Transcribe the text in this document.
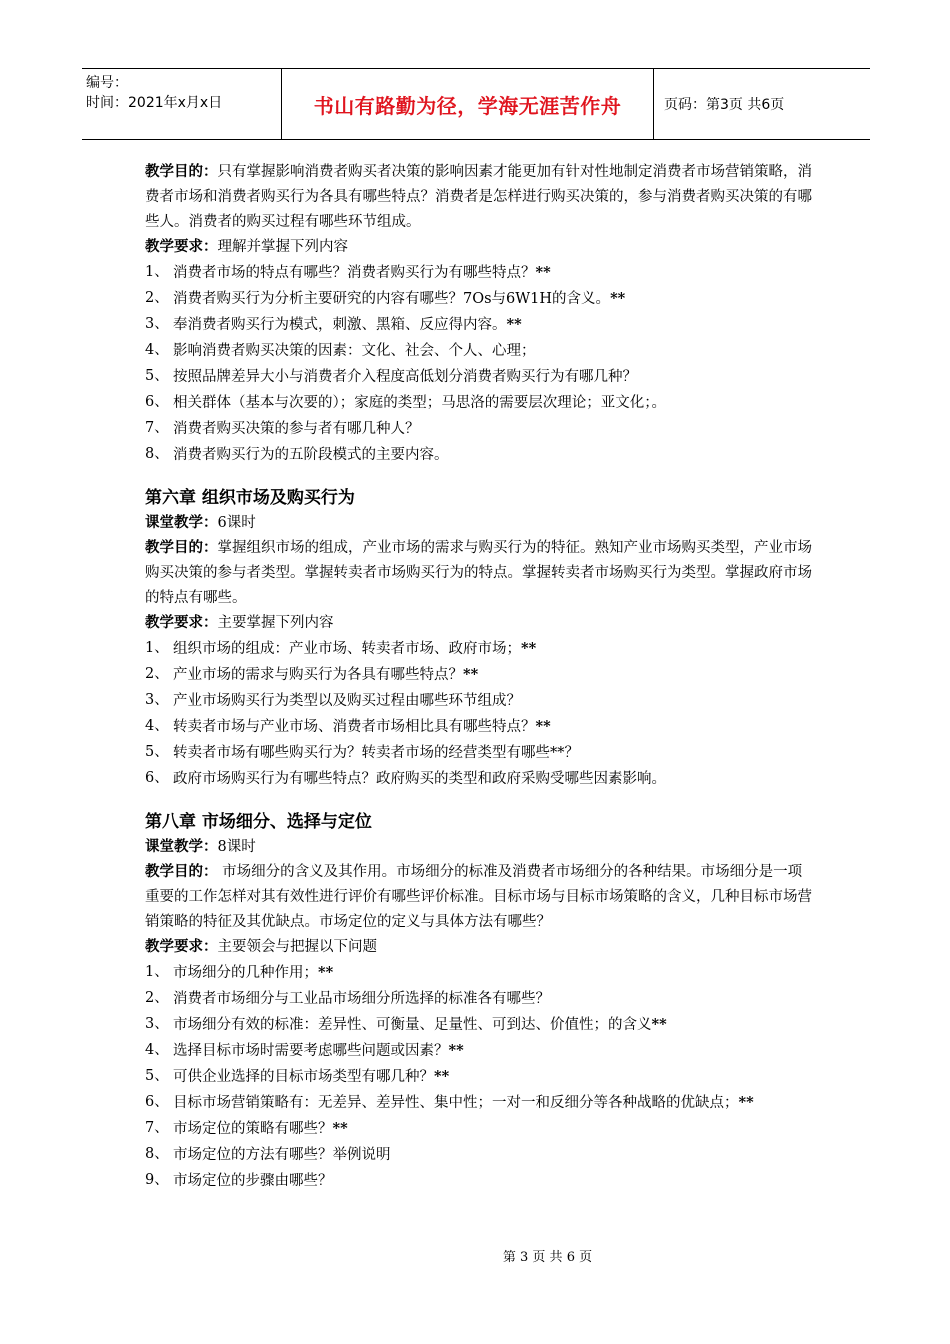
编号：
时间：2021年x月x日	书山有路勤为径，学海无涯苦作舟	页码：第3页 共6页

教学目的：只有掌握影响消费者购买者决策的影响因素才能更加有针对性地制定消费者市场营销策略，消费者市场和消费者购买行为各具有哪些特点？消费者是怎样进行购买决策的，参与消费者购买决策的有哪些人。消费者的购买过程有哪些环节组成。

教学要求：理解并掌握下列内容

1、 消费者市场的特点有哪些？消费者购买行为有哪些特点？**
2、 消费者购买行为分析主要研究的内容有哪些？7Os与6W1H的含义。**
3、 奉消费者购买行为模式，刺激、黑箱、反应得内容。**
4、 影响消费者购买决策的因素：文化、社会、个人、心理；
5、 按照品牌差异大小与消费者介入程度高低划分消费者购买行为有哪几种？
6、 相关群体（基本与次要的）；家庭的类型；马思洛的需要层次理论；亚文化；。
7、 消费者购买决策的参与者有哪几种人？
8、 消费者购买行为的五阶段模式的主要内容。
第六章 组织市场及购买行为

课堂教学：6课时

教学目的：掌握组织市场的组成，产业市场的需求与购买行为的特征。熟知产业市场购买类型，产业市场购买决策的参与者类型。掌握转卖者市场购买行为的特点。掌握转卖者市场购买行为类型。掌握政府市场的特点有哪些。

教学要求：主要掌握下列内容

1、 组织市场的组成：产业市场、转卖者市场、政府市场；**
2、 产业市场的需求与购买行为各具有哪些特点？**
3、 产业市场购买行为类型以及购买过程由哪些环节组成？
4、 转卖者市场与产业市场、消费者市场相比具有哪些特点？**
5、 转卖者市场有哪些购买行为？转卖者市场的经营类型有哪些**？
6、 政府市场购买行为有哪些特点？政府购买的类型和政府采购受哪些因素影响。
第八章 市场细分、选择与定位

课堂教学：8课时

教学目的： 市场细分的含义及其作用。市场细分的标准及消费者市场细分的各种结果。市场细分是一项重要的工作怎样对其有效性进行评价有哪些评价标准。目标市场与目标市场策略的含义，几种目标市场营销策略的特征及其优缺点。市场定位的定义与具体方法有哪些？

教学要求：主要领会与把握以下问题

1、 市场细分的几种作用；**
2、 消费者市场细分与工业品市场细分所选择的标准各有哪些？
3、 市场细分有效的标准：差异性、可衡量、足量性、可到达、价值性；的含义**
4、 选择目标市场时需要考虑哪些问题或因素？**
5、 可供企业选择的目标市场类型有哪几种？**
6、 目标市场营销策略有：无差异、差异性、集中性；一对一和反细分等各种战略的优缺点；**
7、 市场定位的策略有哪些？**
8、 市场定位的方法有哪些？举例说明
9、 市场定位的步骤由哪些？
第 3 页 共 6 页
